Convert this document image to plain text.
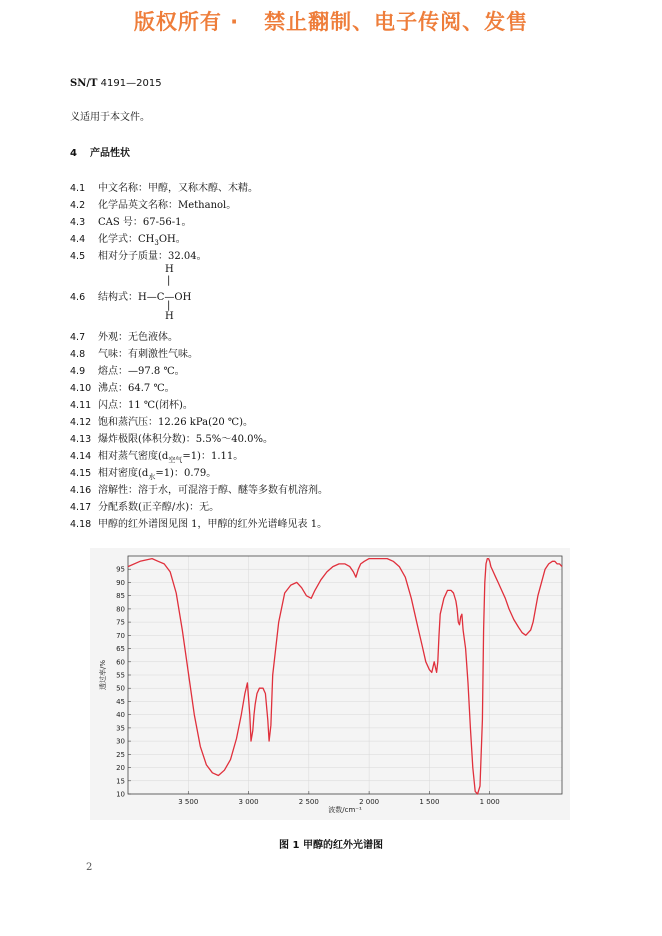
版权所有 ·   禁止翻制、电子传阅、发售
SN/T 4191—2015
义适用于本文件。
4 产品性状
4.1 中文名称：甲醇，又称木醇、木精。
4.2 化学品英文名称：Methanol。
4.3 CAS 号：67-56-1。
4.4 化学式：$CH_3OH$。
4.5 相对分子质量：32.04。
H
|
4.6 结构式：H—C—OH
|
H
4.7 外观：无色液体。
4.8 气味：有刺激性气味。
4.9 熔点：—97.8 ℃。
4.10 沸点：64.7 ℃。
4.11 闪点：11 ℃(闭杯)。
4.12 饱和蒸汽压：12.26 kPa(20 ℃)。
4.13 爆炸极限(体积分数)：5.5%～40.0%。
4.14 相对蒸气密度$(d_{空气}=1)$：1.11。
4.15 相对密度$(d_水=1)$：0.79。
4.16 溶解性：溶于水，可混溶于醇、醚等多数有机溶剂。
4.17 分配系数(正辛醇/水)：无。
4.18 甲醇的红外谱图见图 1，甲醇的红外光谱峰见表 1。
10
15
20
25
30
35
40
45
50
55
60
65
70
75
80
85
90
95
3 500	3 000	2 500	2 000	1 500	1 000
波数/cm⁻¹
透过率/%
图 1 甲醇的红外光谱图
2
